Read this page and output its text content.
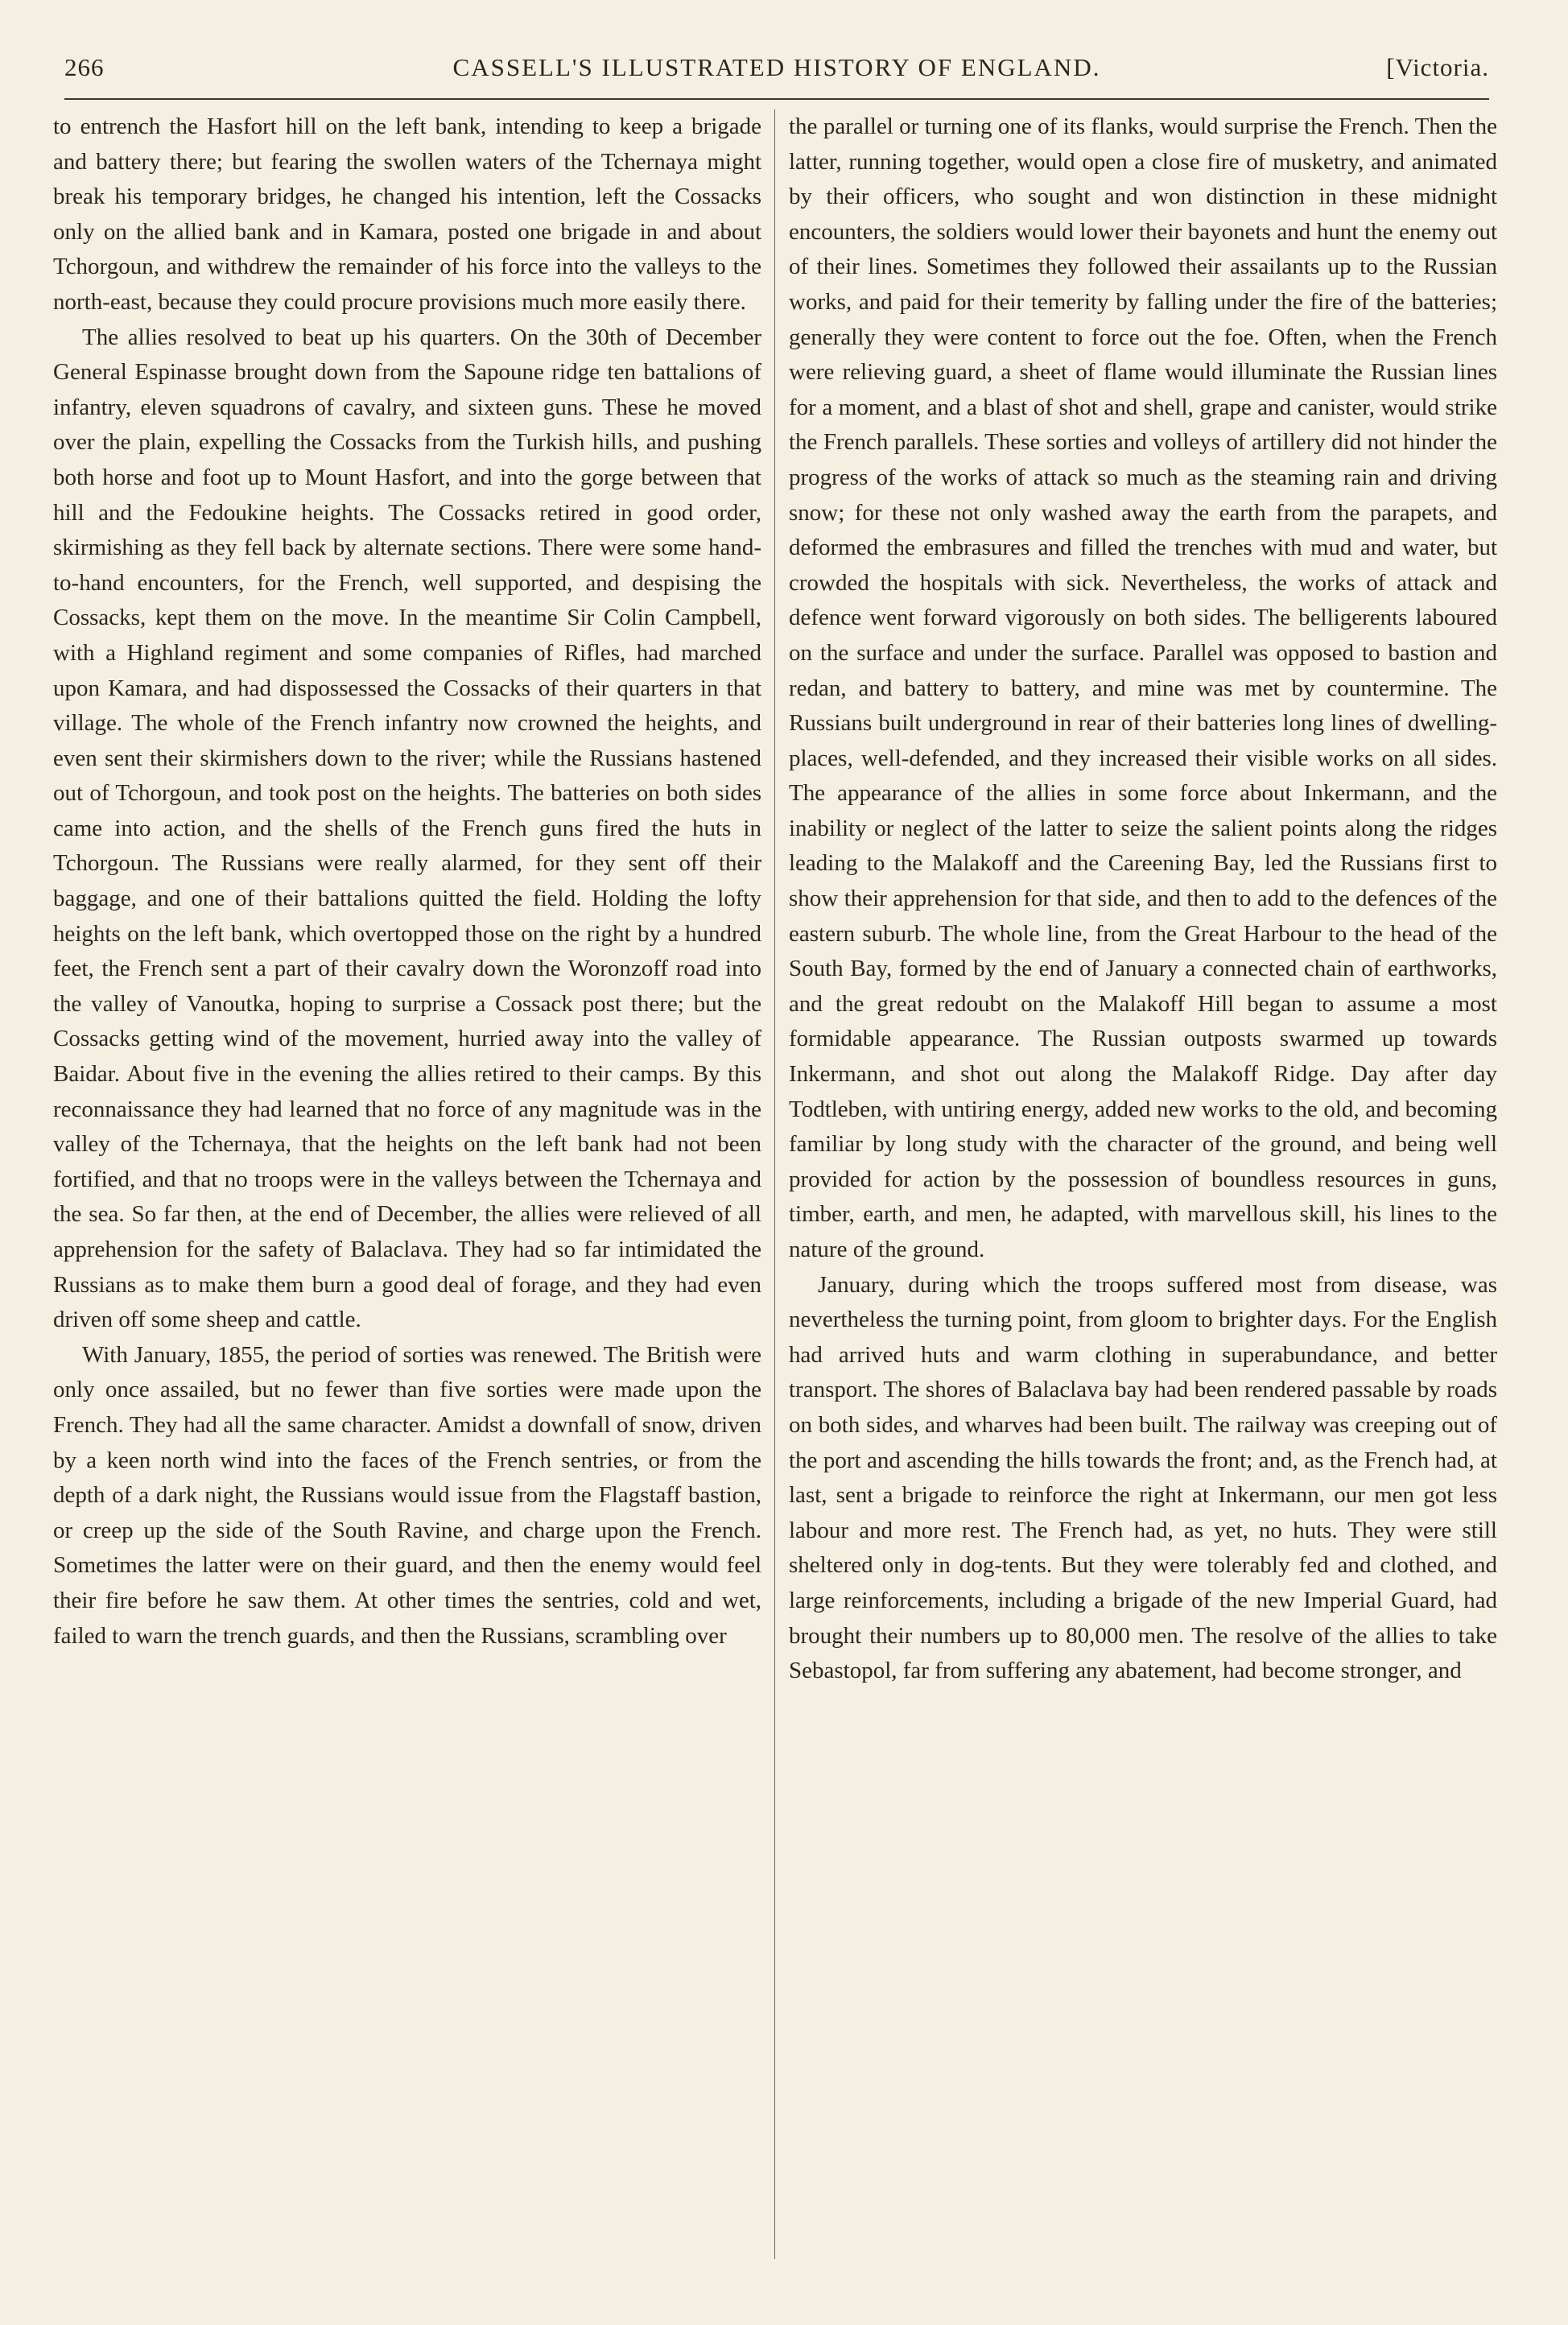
266	CASSELL'S ILLUSTRATED HISTORY OF ENGLAND.	[Victoria.

to entrench the Hasfort hill on the left bank, intending to keep a brigade and battery there; but fearing the swollen waters of the Tchernaya might break his temporary bridges, he changed his intention, left the Cossacks only on the allied bank and in Kamara, posted one brigade in and about Tchorgoun, and withdrew the remainder of his force into the valleys to the north-east, because they could procure provisions much more easily there.

The allies resolved to beat up his quarters. On the 30th of December General Espinasse brought down from the Sapoune ridge ten battalions of infantry, eleven squadrons of cavalry, and sixteen guns. These he moved over the plain, expelling the Cossacks from the Turkish hills, and pushing both horse and foot up to Mount Hasfort, and into the gorge between that hill and the Fedoukine heights. The Cossacks retired in good order, skirmishing as they fell back by alternate sections. There were some hand-to-hand encounters, for the French, well supported, and despising the Cossacks, kept them on the move. In the meantime Sir Colin Campbell, with a Highland regiment and some companies of Rifles, had marched upon Kamara, and had dispossessed the Cossacks of their quarters in that village. The whole of the French infantry now crowned the heights, and even sent their skirmishers down to the river; while the Russians hastened out of Tchorgoun, and took post on the heights. The batteries on both sides came into action, and the shells of the French guns fired the huts in Tchorgoun. The Russians were really alarmed, for they sent off their baggage, and one of their battalions quitted the field. Holding the lofty heights on the left bank, which overtopped those on the right by a hundred feet, the French sent a part of their cavalry down the Woronzoff road into the valley of Vanoutka, hoping to surprise a Cossack post there; but the Cossacks getting wind of the movement, hurried away into the valley of Baidar. About five in the evening the allies retired to their camps. By this reconnaissance they had learned that no force of any magnitude was in the valley of the Tchernaya, that the heights on the left bank had not been fortified, and that no troops were in the valleys between the Tchernaya and the sea. So far then, at the end of December, the allies were relieved of all apprehension for the safety of Balaclava. They had so far intimidated the Russians as to make them burn a good deal of forage, and they had even driven off some sheep and cattle.

With January, 1855, the period of sorties was renewed. The British were only once assailed, but no fewer than five sorties were made upon the French. They had all the same character. Amidst a downfall of snow, driven by a keen north wind into the faces of the French sentries, or from the depth of a dark night, the Russians would issue from the Flagstaff bastion, or creep up the side of the South Ravine, and charge upon the French. Sometimes the latter were on their guard, and then the enemy would feel their fire before he saw them. At other times the sentries, cold and wet, failed to warn the trench guards, and then the Russians, scrambling over

the parallel or turning one of its flanks, would surprise the French. Then the latter, running together, would open a close fire of musketry, and animated by their officers, who sought and won distinction in these midnight encounters, the soldiers would lower their bayonets and hunt the enemy out of their lines. Sometimes they followed their assailants up to the Russian works, and paid for their temerity by falling under the fire of the batteries; generally they were content to force out the foe. Often, when the French were relieving guard, a sheet of flame would illuminate the Russian lines for a moment, and a blast of shot and shell, grape and canister, would strike the French parallels. These sorties and volleys of artillery did not hinder the progress of the works of attack so much as the steaming rain and driving snow; for these not only washed away the earth from the parapets, and deformed the embrasures and filled the trenches with mud and water, but crowded the hospitals with sick. Nevertheless, the works of attack and defence went forward vigorously on both sides. The belligerents laboured on the surface and under the surface. Parallel was opposed to bastion and redan, and battery to battery, and mine was met by countermine. The Russians built underground in rear of their batteries long lines of dwelling-places, well-defended, and they increased their visible works on all sides. The appearance of the allies in some force about Inkermann, and the inability or neglect of the latter to seize the salient points along the ridges leading to the Malakoff and the Careening Bay, led the Russians first to show their apprehension for that side, and then to add to the defences of the eastern suburb. The whole line, from the Great Harbour to the head of the South Bay, formed by the end of January a connected chain of earthworks, and the great redoubt on the Malakoff Hill began to assume a most formidable appearance. The Russian outposts swarmed up towards Inkermann, and shot out along the Malakoff Ridge. Day after day Todtleben, with untiring energy, added new works to the old, and becoming familiar by long study with the character of the ground, and being well provided for action by the possession of boundless resources in guns, timber, earth, and men, he adapted, with marvellous skill, his lines to the nature of the ground.

January, during which the troops suffered most from disease, was nevertheless the turning point, from gloom to brighter days. For the English had arrived huts and warm clothing in superabundance, and better transport. The shores of Balaclava bay had been rendered passable by roads on both sides, and wharves had been built. The railway was creeping out of the port and ascending the hills towards the front; and, as the French had, at last, sent a brigade to reinforce the right at Inkermann, our men got less labour and more rest. The French had, as yet, no huts. They were still sheltered only in dog-tents. But they were tolerably fed and clothed, and large reinforcements, including a brigade of the new Imperial Guard, had brought their numbers up to 80,000 men. The resolve of the allies to take Sebastopol, far from suffering any abatement, had become stronger, and
